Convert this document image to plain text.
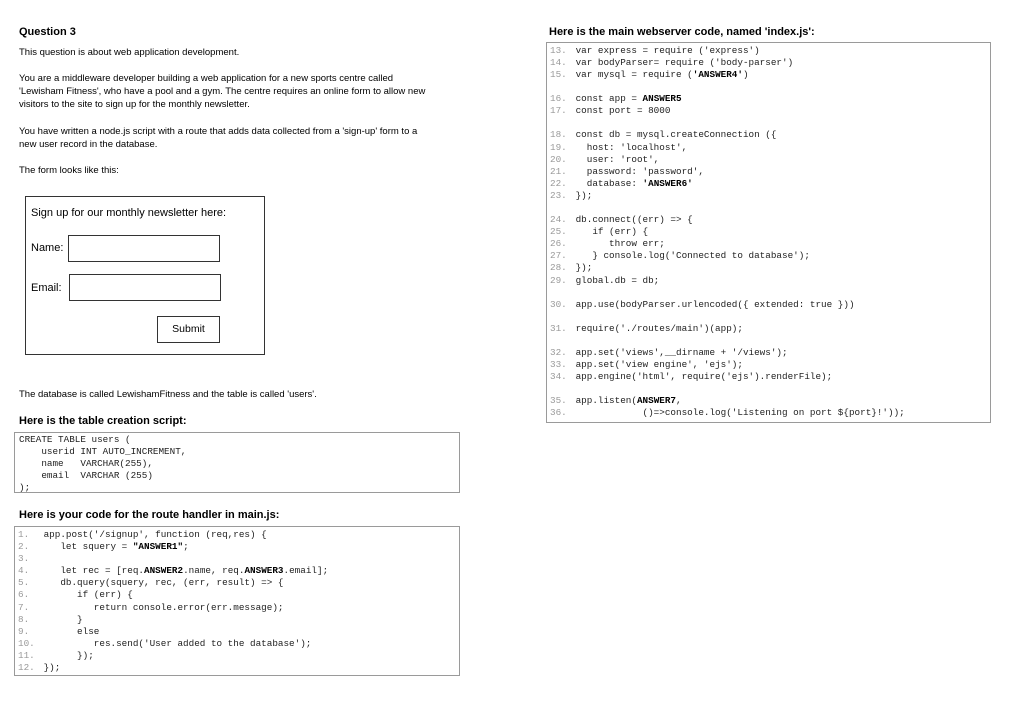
Question 3
This question is about web application development.
You are a middleware developer building a web application for a new sports centre called
'Lewisham Fitness', who have a pool and a gym. The centre requires an online form to allow new
visitors to the site to sign up for the monthly newsletter.
You have written a node.js script with a route that adds data collected from a 'sign-up' form to a
new user record in the database.
The form looks like this:
Sign up for our monthly newsletter here:
Name:
Email:
Submit
The database is called LewishamFitness and the table is called 'users'.
Here is the table creation script:
CREATE TABLE users (
userid INT AUTO_INCREMENT,
name   VARCHAR(255),
email  VARCHAR (255)
);
Here is your code for the route handler in main.js:
1. app.post('/signup', function (req,res) {
2.    let squery = "ANSWER1";
3.
4.    let rec = [req.ANSWER2.name, req.ANSWER3.email];
5.    db.query(squery, rec, (err, result) => {
6.       if (err) {
7.          return console.error(err.message);
8.       }
9.       else
10.          res.send('User added to the database');
11.       });
12. });
Here is the main webserver code, named 'index.js':
13. var express = require ('express')
14. var bodyParser= require ('body-parser')
15. var mysql = require ('ANSWER4')
16. const app = ANSWER5
17. const port = 8000
18. const db = mysql.createConnection ({
19.   host: 'localhost',
20.   user: 'root',
21.   password: 'password',
22.   database: 'ANSWER6'
23. });
24. db.connect((err) => {
25.    if (err) {
26.       throw err;
27.    } console.log('Connected to database');
28. });
29. global.db = db;
30. app.use(bodyParser.urlencoded({ extended: true }))
31. require('./routes/main')(app);
32. app.set('views',__dirname + '/views');
33. app.set('view engine', 'ejs');
34. app.engine('html', require('ejs').renderFile);
35. app.listen(ANSWER7,
36.             ()=>console.log('Listening on port ${port}!'));
